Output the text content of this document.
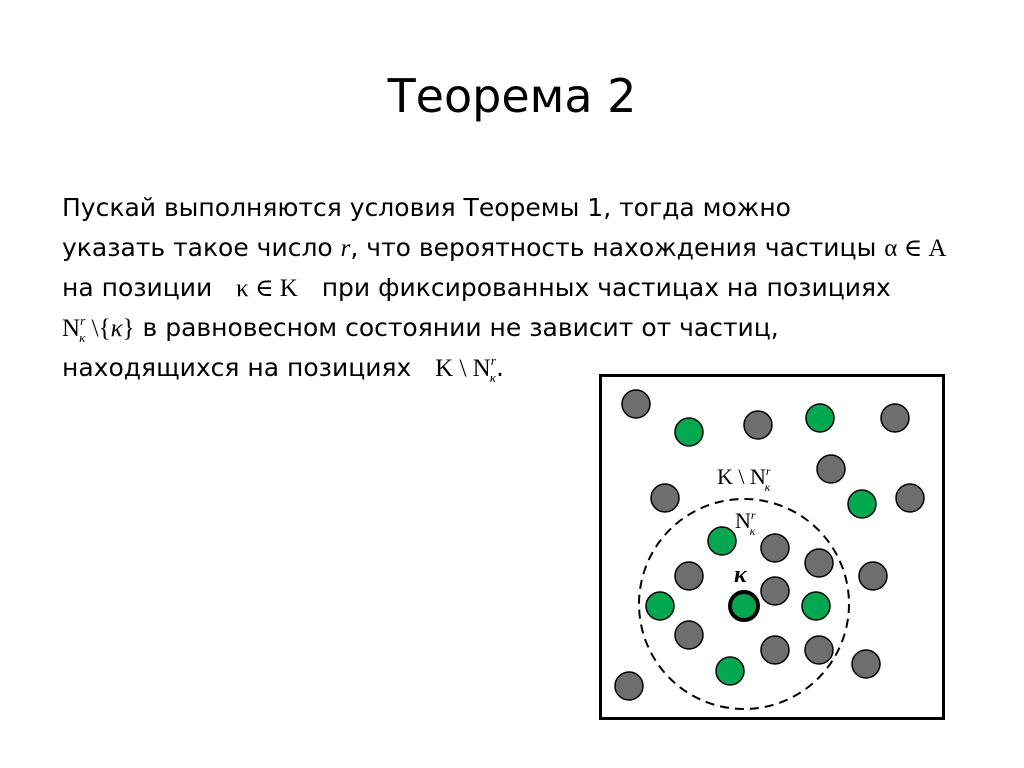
Теорема 2
Пускай выполняются условия Теоремы 1, тогда можно
указать такое число r, что вероятность нахождения частицы α ∈ A
на позиции   κ ∈ K   при фиксированных частицах на позициях
$N^r_\kappa$ \{κ} в равновесном состоянии не зависит от частиц,
находящихся на позициях   K \ $N^r_\kappa$.
K \ $N^r$ κ
$N^r$ κ
κ
